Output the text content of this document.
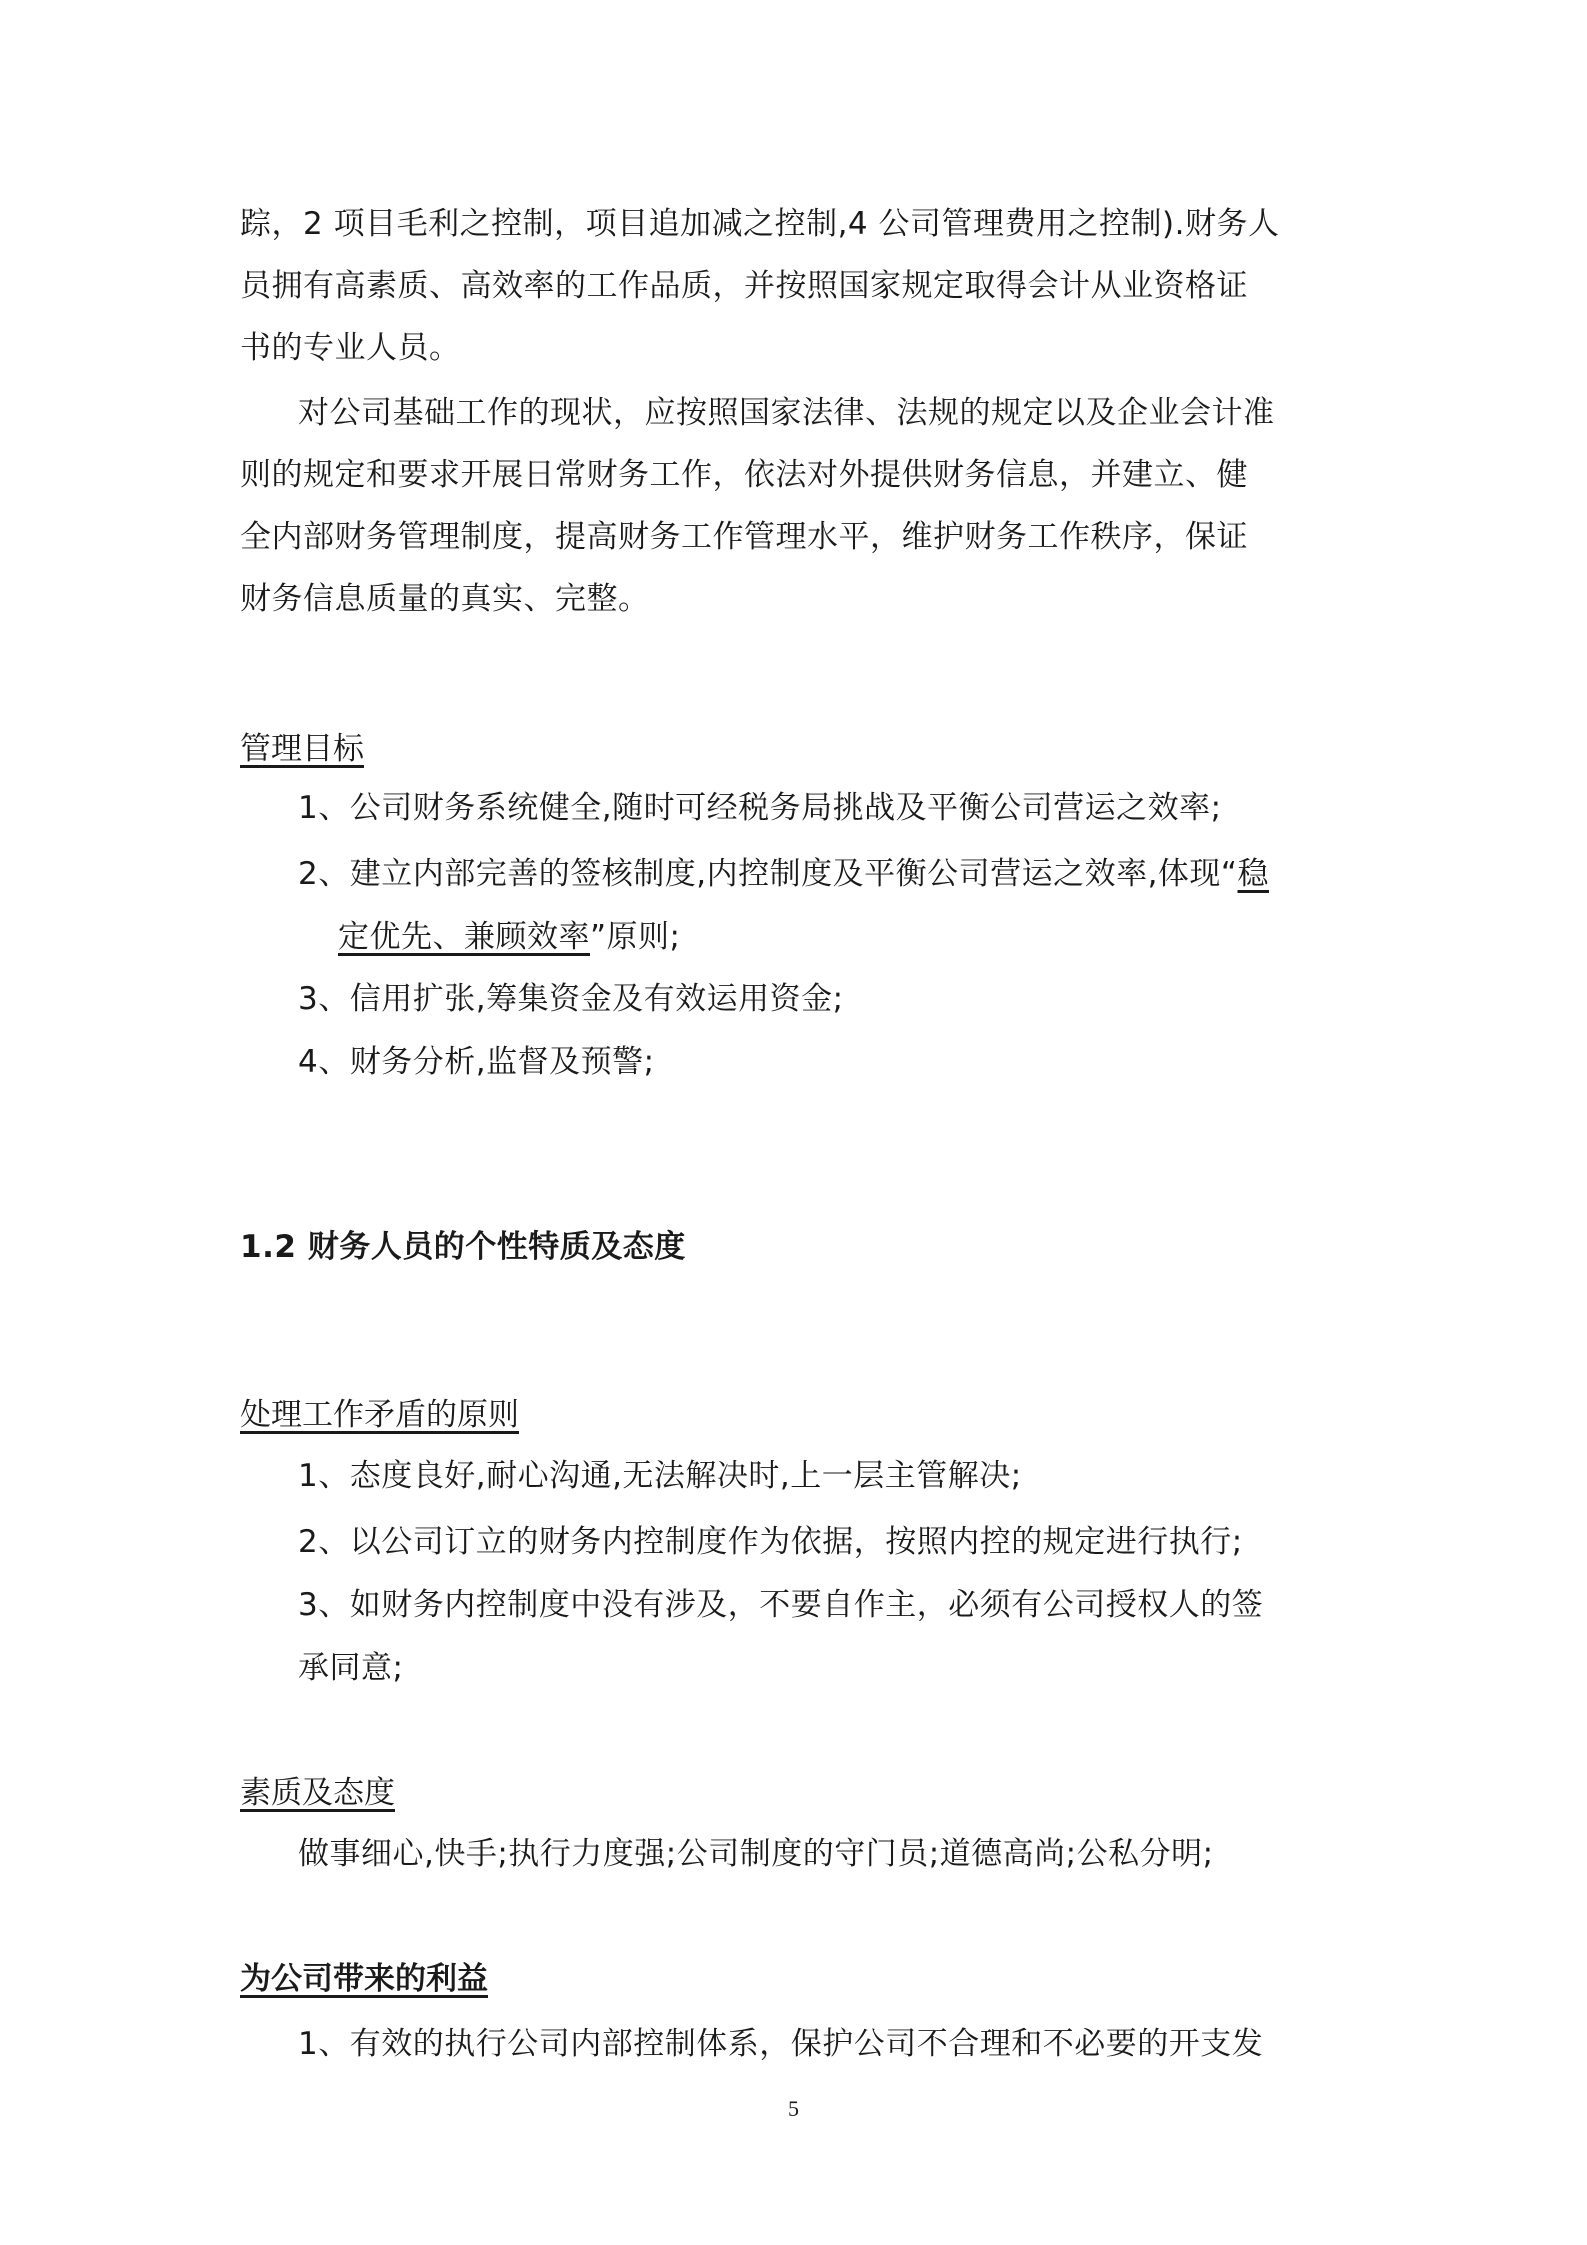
踪，2 项目毛利之控制，项目追加减之控制,4 公司管理费用之控制).财务人
员拥有高素质、高效率的工作品质，并按照国家规定取得会计从业资格证
书的专业人员。
对公司基础工作的现状，应按照国家法律、法规的规定以及企业会计准
则的规定和要求开展日常财务工作，依法对外提供财务信息，并建立、健
全内部财务管理制度，提高财务工作管理水平，维护财务工作秩序，保证
财务信息质量的真实、完整。
管理目标
1、公司财务系统健全,随时可经税务局挑战及平衡公司营运之效率;
2、建立内部完善的签核制度,内控制度及平衡公司营运之效率,体现“稳
定优先、兼顾效率”原则;
3、信用扩张,筹集资金及有效运用资金;
4、财务分析,监督及预警;
1.2 财务人员的个性特质及态度
处理工作矛盾的原则
1、态度良好,耐心沟通,无法解决时,上一层主管解决;
2、以公司订立的财务内控制度作为依据，按照内控的规定进行执行;
3、如财务内控制度中没有涉及，不要自作主，必须有公司授权人的签
承同意;
素质及态度
做事细心,快手;执行力度强;公司制度的守门员;道德高尚;公私分明;
为公司带来的利益
1、有效的执行公司内部控制体系，保护公司不合理和不必要的开支发
5
